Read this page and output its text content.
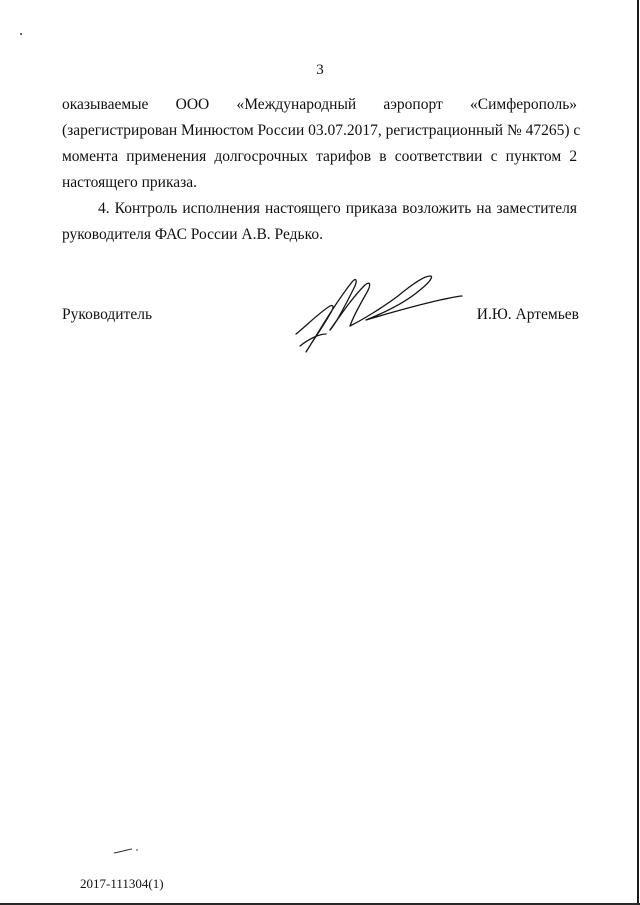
3
оказываемые ООО «Международный аэропорт «Симферополь»
(зарегистрирован Минюстом России 03.07.2017, регистрационный № 47265) с
момента применения долгосрочных тарифов в соответствии с пунктом 2
настоящего приказа.
4. Контроль исполнения настоящего приказа возложить на заместителя
руководителя ФАС России А.В. Редько.
Руководитель	И.Ю. Артемьев
2017-111304(1)
